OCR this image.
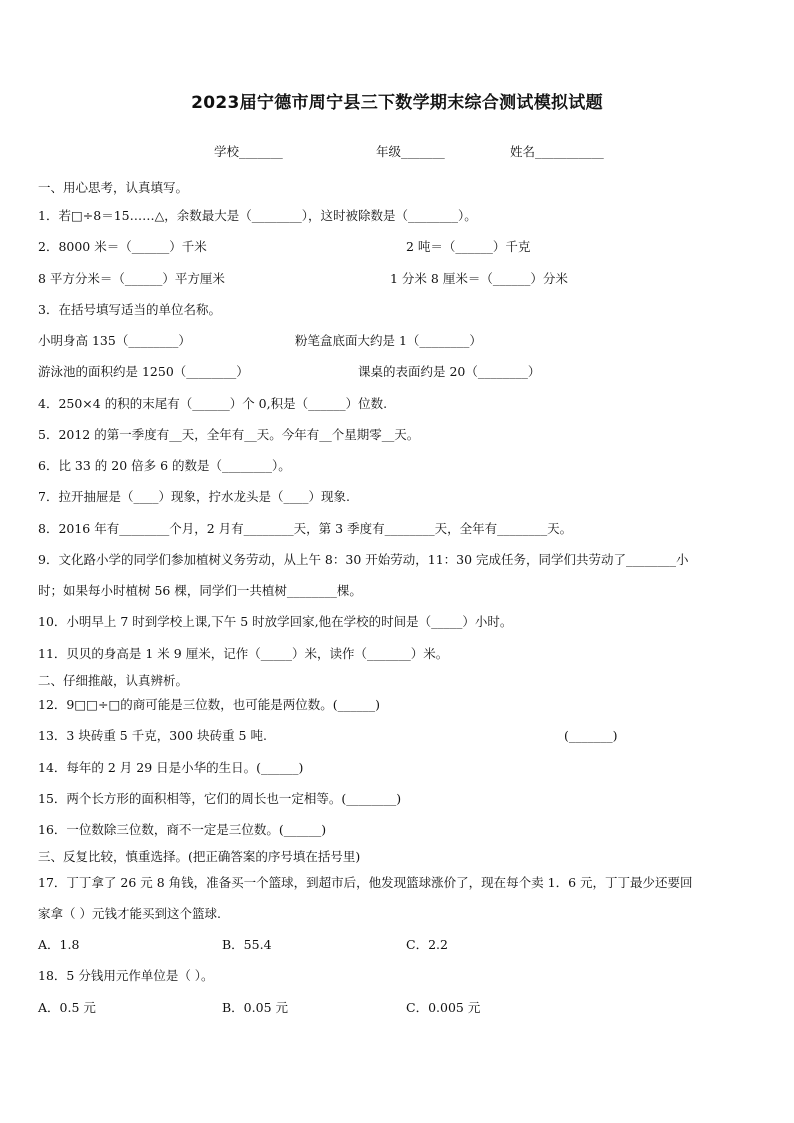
2023届宁德市周宁县三下数学期末综合测试模拟试题
学校_______	年级_______	姓名___________
一、用心思考，认真填写。
1．若□÷8＝15……△，余数最大是（________），这时被除数是（________）。
2．8000 米＝（______）千米	2 吨＝（______）千克
8 平方分米＝（______）平方厘米	1 分米 8 厘米＝（______）分米
3．在括号填写适当的单位名称。
小明身高 135（________）	粉笔盒底面大约是 1（________）
游泳池的面积约是 1250（________）	课桌的表面约是 20（________）
4．250×4 的积的末尾有（______）个 0,积是（______）位数.
5．2012 的第一季度有__天，全年有__天。今年有__个星期零__天。
6．比 33 的 20 倍多 6 的数是（________）。
7．拉开抽屉是（____）现象，拧水龙头是（____）现象.
8．2016 年有________个月，2 月有________天，第 3 季度有________天，全年有________天。
9．文化路小学的同学们参加植树义务劳动，从上午 8：30 开始劳动，11：30 完成任务，同学们共劳动了________小
时；如果每小时植树 56 棵，同学们一共植树________棵。
10．小明早上 7 时到学校上课,下午 5 时放学回家,他在学校的时间是（_____）小时。
11．贝贝的身高是 1 米 9 厘米，记作（_____）米，读作（_______）米。
二、仔细推敲，认真辨析。
12．9□□÷□的商可能是三位数，也可能是两位数。(______)
13．3 块砖重 5 千克，300 块砖重 5 吨.	(_______)
14．每年的 2 月 29 日是小华的生日。(______)
15．两个长方形的面积相等，它们的周长也一定相等。(________)
16．一位数除三位数，商不一定是三位数。(______)
三、反复比较，慎重选择。(把正确答案的序号填在括号里)
17．丁丁拿了 26 元 8 角钱，准备买一个篮球，到超市后，他发现篮球涨价了，现在每个卖 1．6 元，丁丁最少还要回
家拿（ ）元钱才能买到这个篮球.
A．1.8	B．55.4	C．2.2
18．5 分钱用元作单位是（ ）。
A．0.5 元	B．0.05 元	C．0.005 元
